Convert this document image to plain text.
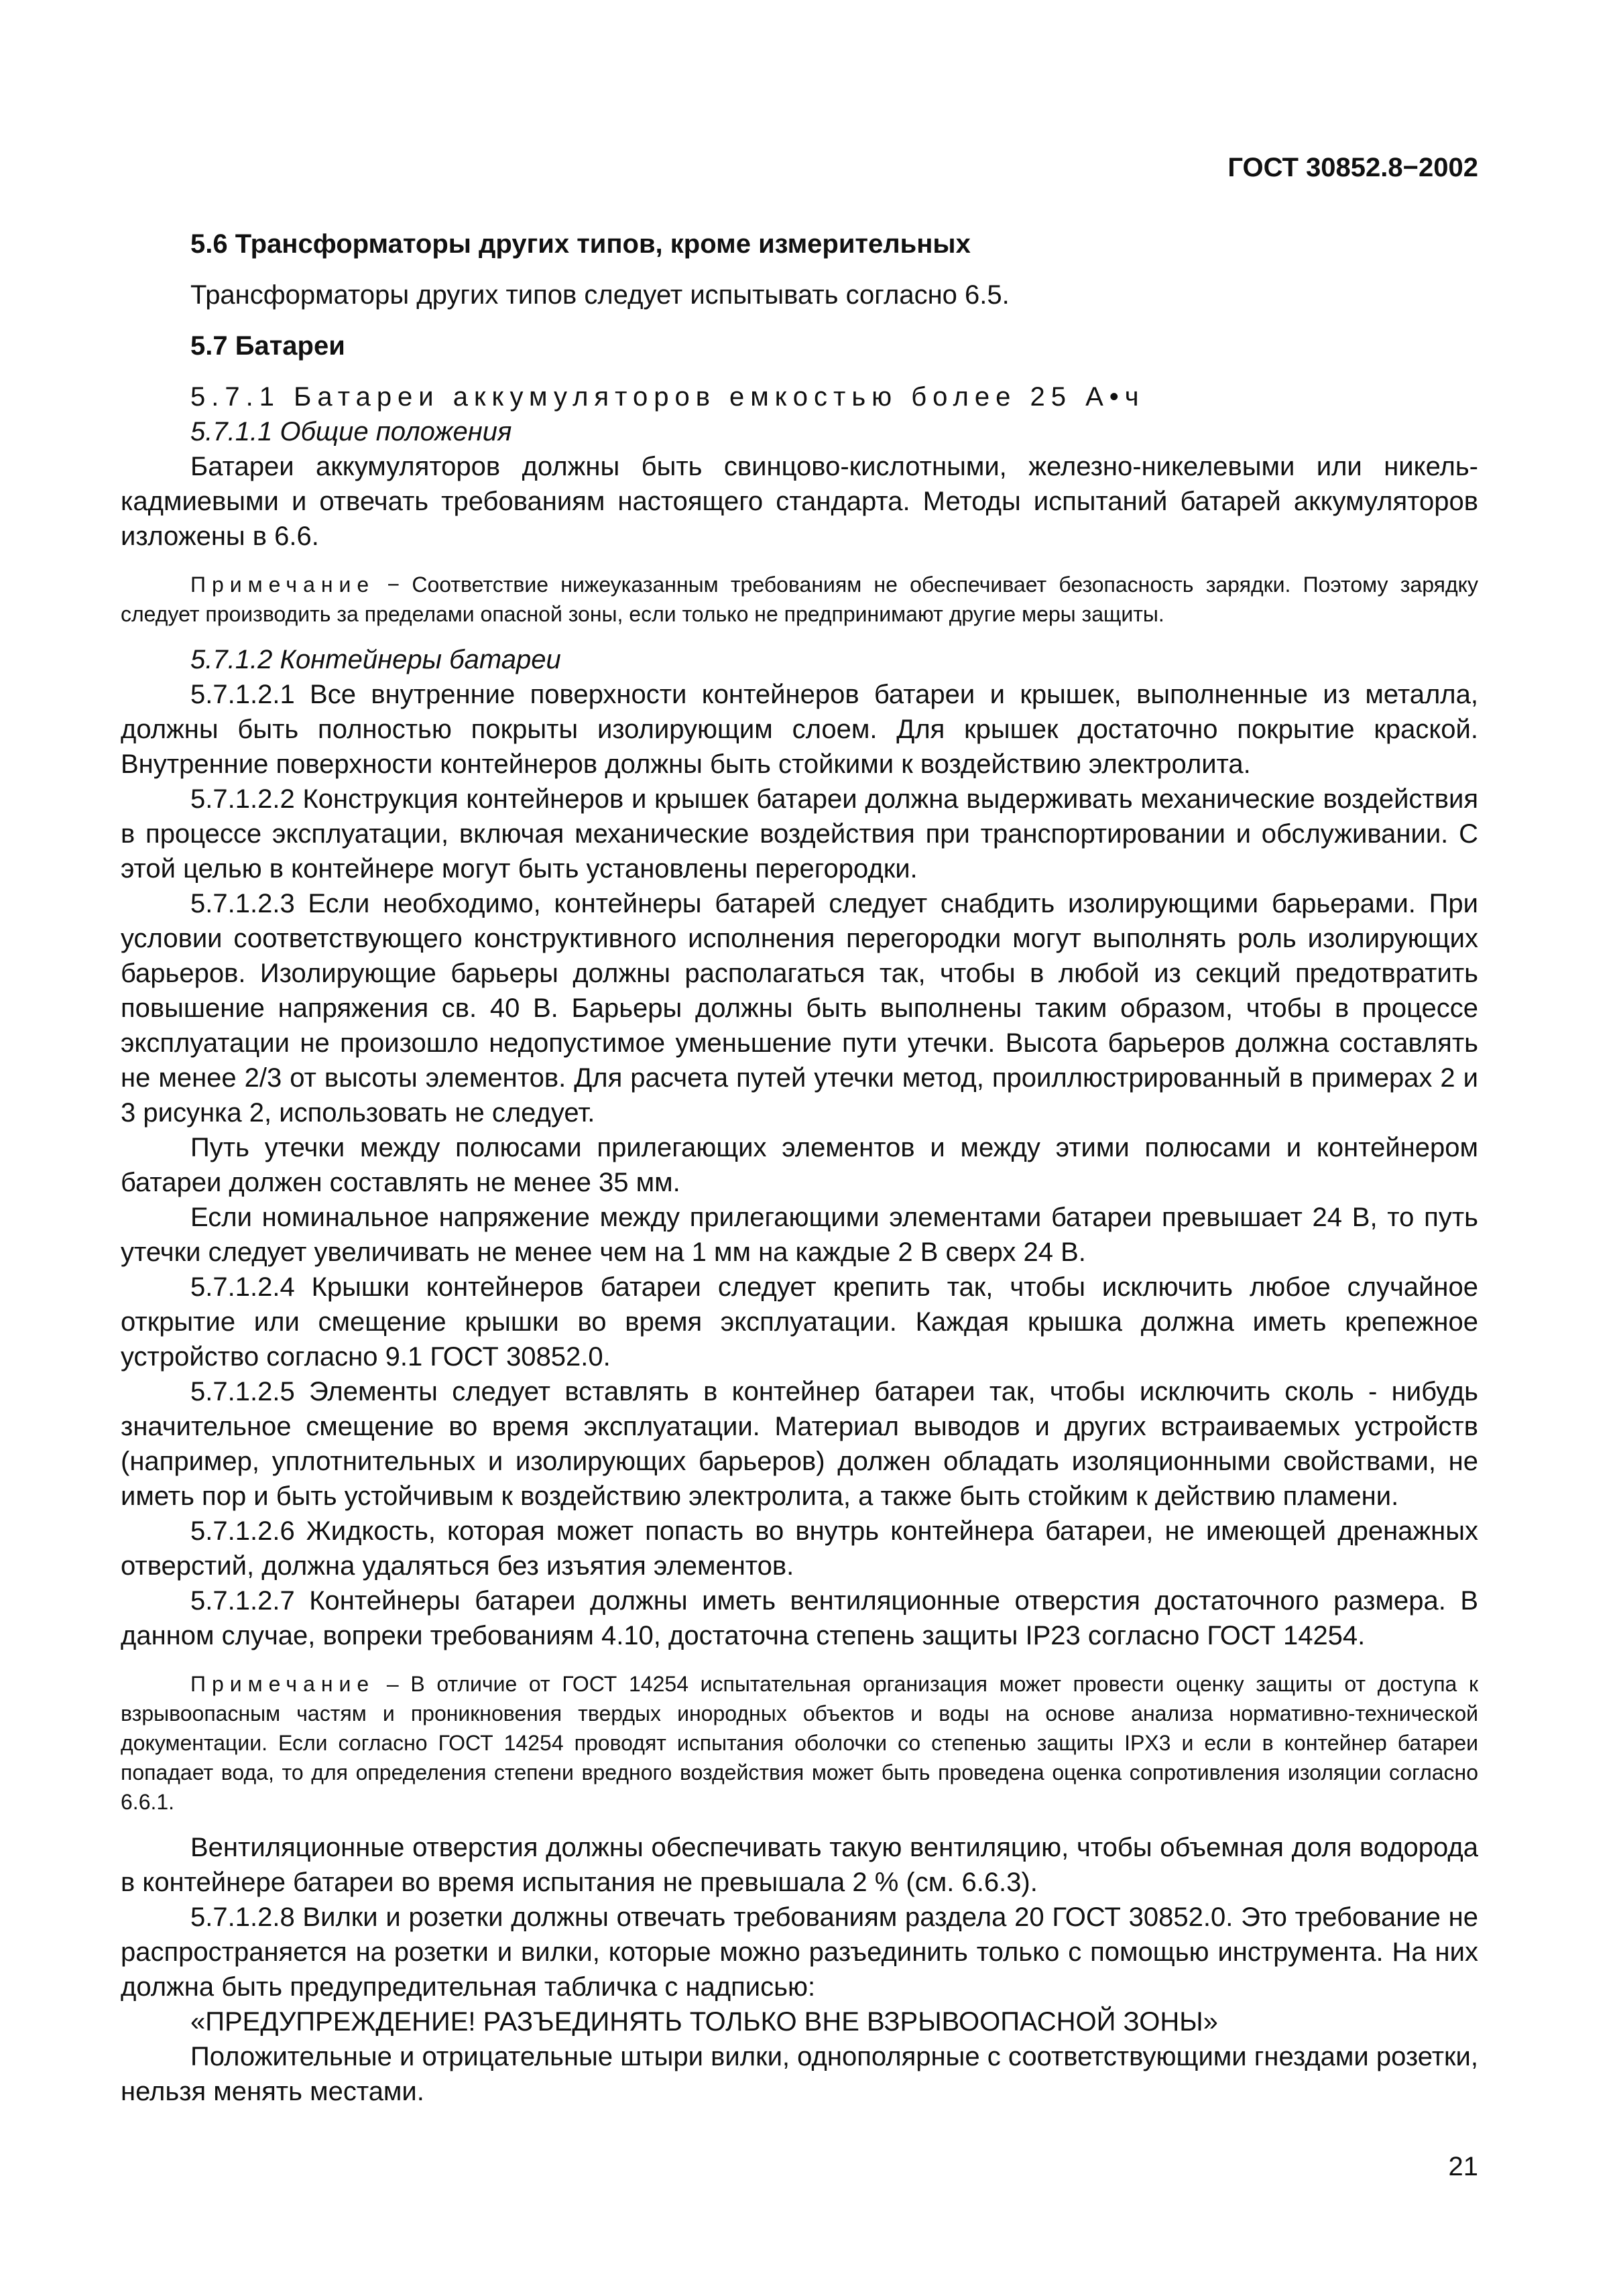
ГОСТ 30852.8−2002

5.6 Трансформаторы других типов, кроме измерительных

Трансформаторы других типов следует испытывать согласно 6.5.

5.7 Батареи

5.7.1 Батареи аккумуляторов емкостью более 25 А•ч

5.7.1.1 Общие положения

Батареи аккумуляторов должны быть свинцово-кислотными, железно-никелевыми или никель-кадмиевыми и отвечать требованиям настоящего стандарта. Методы испытаний батарей аккумуляторов изложены в 6.6.

Примечание − Соответствие нижеуказанным требованиям не обеспечивает безопасность зарядки. Поэтому зарядку следует производить за пределами опасной зоны, если только не предпринимают другие меры защиты.

5.7.1.2 Контейнеры батареи

5.7.1.2.1 Все внутренние поверхности контейнеров батареи и крышек, выполненные из металла, должны быть полностью покрыты изолирующим слоем. Для крышек достаточно покрытие краской. Внутренние поверхности контейнеров должны быть стойкими к воздействию электролита.

5.7.1.2.2 Конструкция контейнеров и крышек батареи должна выдерживать механические воздействия в процессе эксплуатации, включая механические воздействия при транспортировании и обслуживании. С этой целью в контейнере могут быть установлены перегородки.

5.7.1.2.3 Если необходимо, контейнеры батарей следует снабдить изолирующими барьерами. При условии соответствующего конструктивного исполнения перегородки могут выполнять роль изолирующих барьеров. Изолирующие барьеры должны располагаться так, чтобы в любой из секций предотвратить повышение напряжения св. 40 В. Барьеры должны быть выполнены таким образом, чтобы в процессе эксплуатации не произошло недопустимое уменьшение пути утечки. Высота барьеров должна составлять не менее 2/3 от высоты элементов. Для расчета путей утечки метод, проиллюстрированный в примерах 2 и 3 рисунка 2, использовать не следует.

Путь утечки между полюсами прилегающих элементов и между этими полюсами и контейнером батареи должен составлять не менее 35 мм.

Если номинальное напряжение между прилегающими элементами батареи превышает 24 В, то путь утечки следует увеличивать не менее чем на 1 мм на каждые 2 В сверх 24 В.

5.7.1.2.4 Крышки контейнеров батареи следует крепить так, чтобы исключить любое случайное открытие или смещение крышки во время эксплуатации. Каждая крышка должна иметь крепежное устройство согласно 9.1 ГОСТ 30852.0.

5.7.1.2.5 Элементы следует вставлять в контейнер батареи так, чтобы исключить сколь - нибудь значительное смещение во время эксплуатации. Материал выводов и других встраиваемых устройств (например, уплотнительных и изолирующих барьеров) должен обладать изоляционными свойствами, не иметь пор и быть устойчивым к воздействию электролита, а также быть стойким к действию пламени.

5.7.1.2.6 Жидкость, которая может попасть во внутрь контейнера батареи, не имеющей дренажных отверстий, должна удаляться без изъятия элементов.

5.7.1.2.7 Контейнеры батареи должны иметь вентиляционные отверстия достаточного размера. В данном случае, вопреки требованиям 4.10, достаточна степень защиты IP23 согласно ГОСТ 14254.

Примечание – В отличие от ГОСТ 14254 испытательная организация может провести оценку защиты от доступа к взрывоопасным частям и проникновения твердых инородных объектов и воды на основе анализа нормативно-технической документации. Если согласно ГОСТ 14254 проводят испытания оболочки со степенью защиты IPX3 и если в контейнер батареи попадает вода, то для определения степени вредного воздействия может быть проведена оценка сопротивления изоляции согласно 6.6.1.

Вентиляционные отверстия должны обеспечивать такую вентиляцию, чтобы объемная доля водорода в контейнере батареи во время испытания не превышала 2 % (см. 6.6.3).

5.7.1.2.8 Вилки и розетки должны отвечать требованиям раздела 20 ГОСТ 30852.0. Это требование не распространяется на розетки и вилки, которые можно разъединить только с помощью инструмента. На них должна быть предупредительная табличка с надписью:

«ПРЕДУПРЕЖДЕНИЕ! РАЗЪЕДИНЯТЬ ТОЛЬКО ВНЕ ВЗРЫВООПАСНОЙ ЗОНЫ»

Положительные и отрицательные штыри вилки, однополярные с соответствующими гнездами розетки, нельзя менять местами.

21
